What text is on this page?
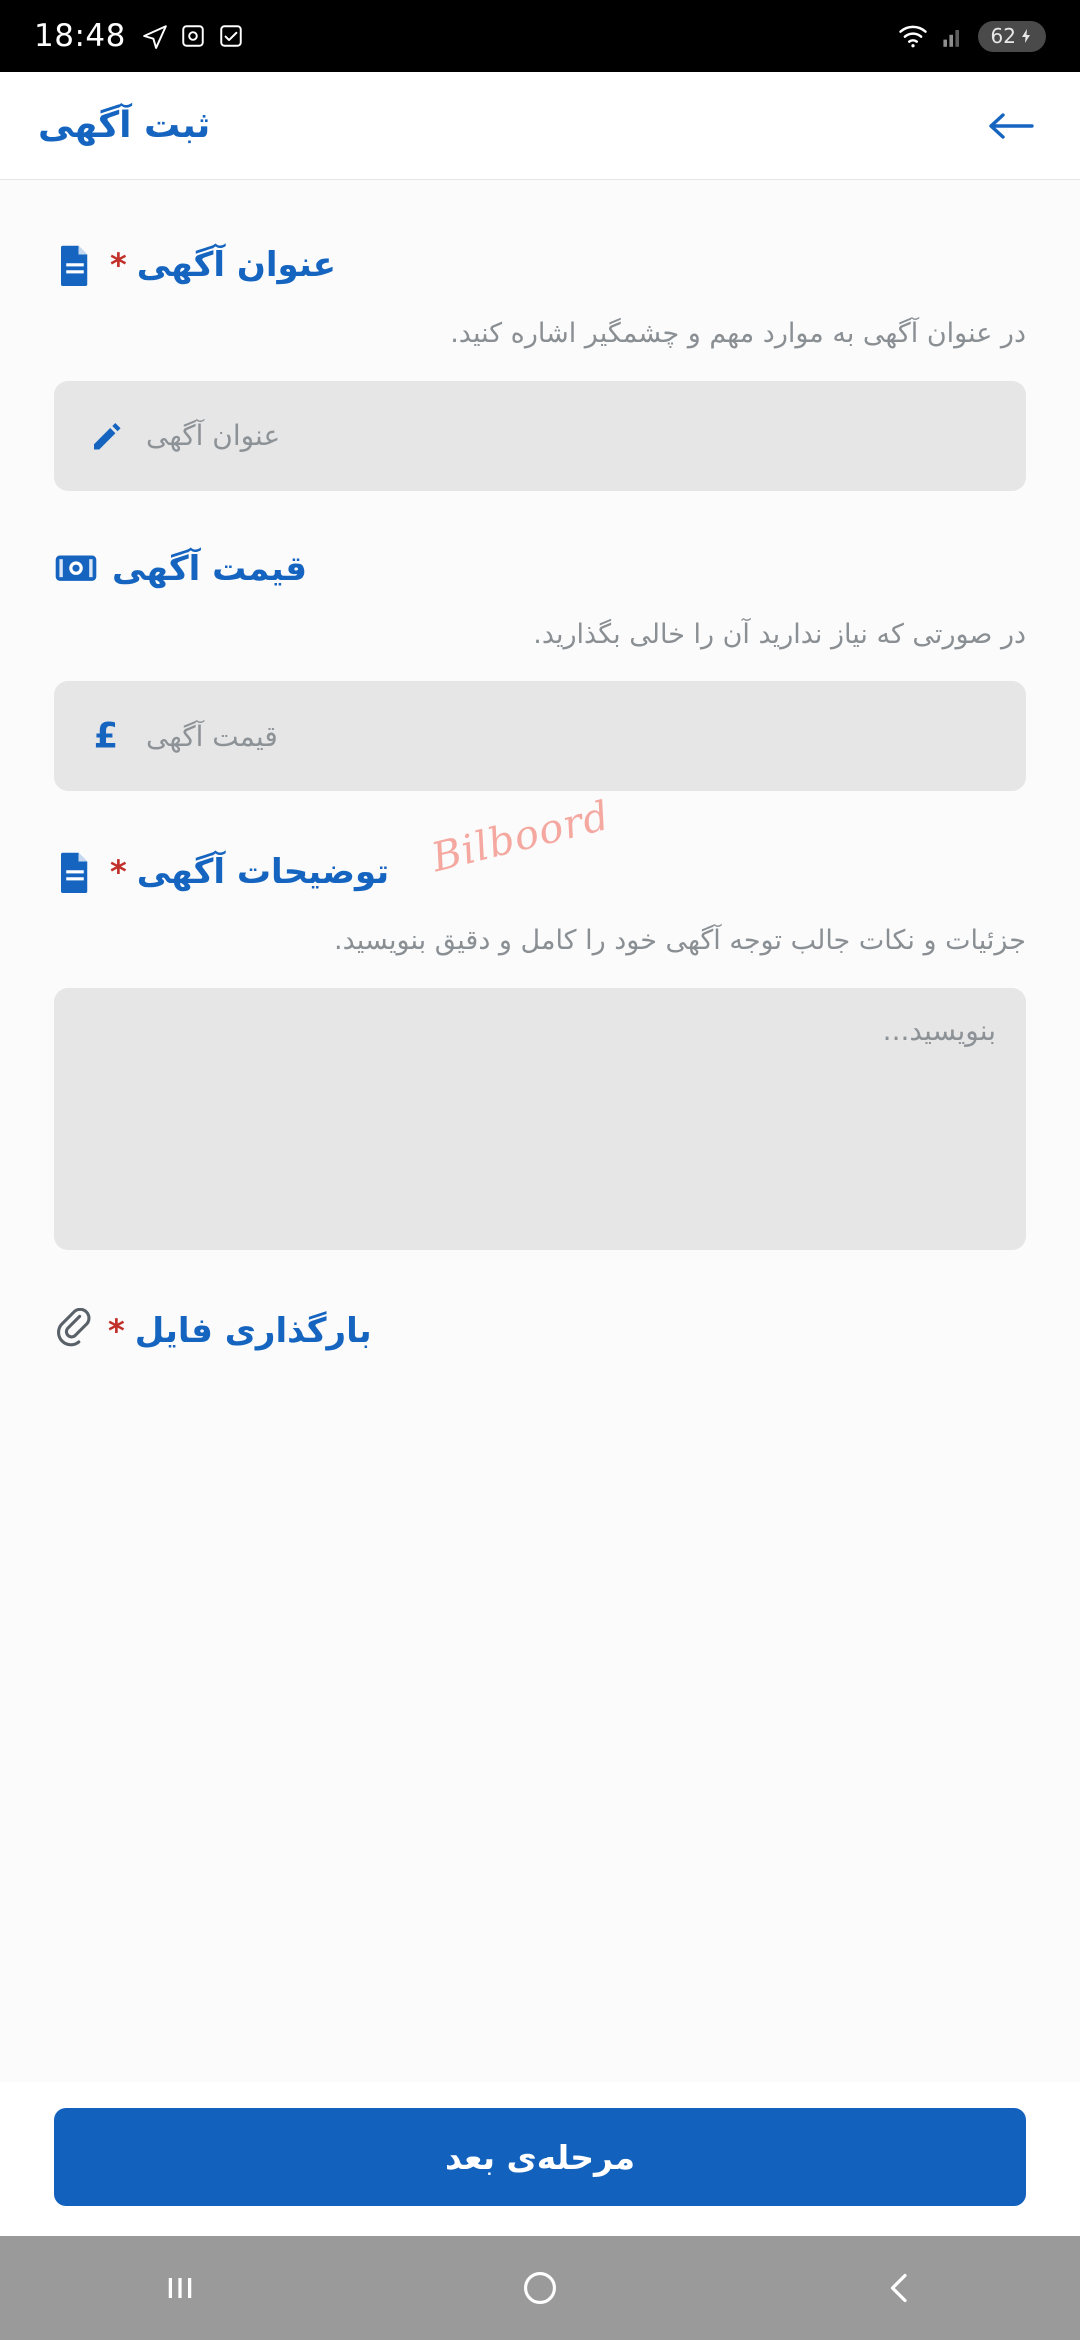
18:48	62
ثبت آگهی
* عنوان آگهی
در عنوان آگهی به موارد مهم و چشمگیر اشاره کنید.
عنوان آگهی
قیمت آگهی
در صورتی که نیاز ندارید آن را خالی بگذارید.
£ قیمت آگهی
* توضیحات آگهی
جزئیات و نکات جالب توجه آگهی خود را کامل و دقیق بنویسید.
بنویسید...
* بارگذاری فایل
Bilboord
مرحله‌ی بعد
